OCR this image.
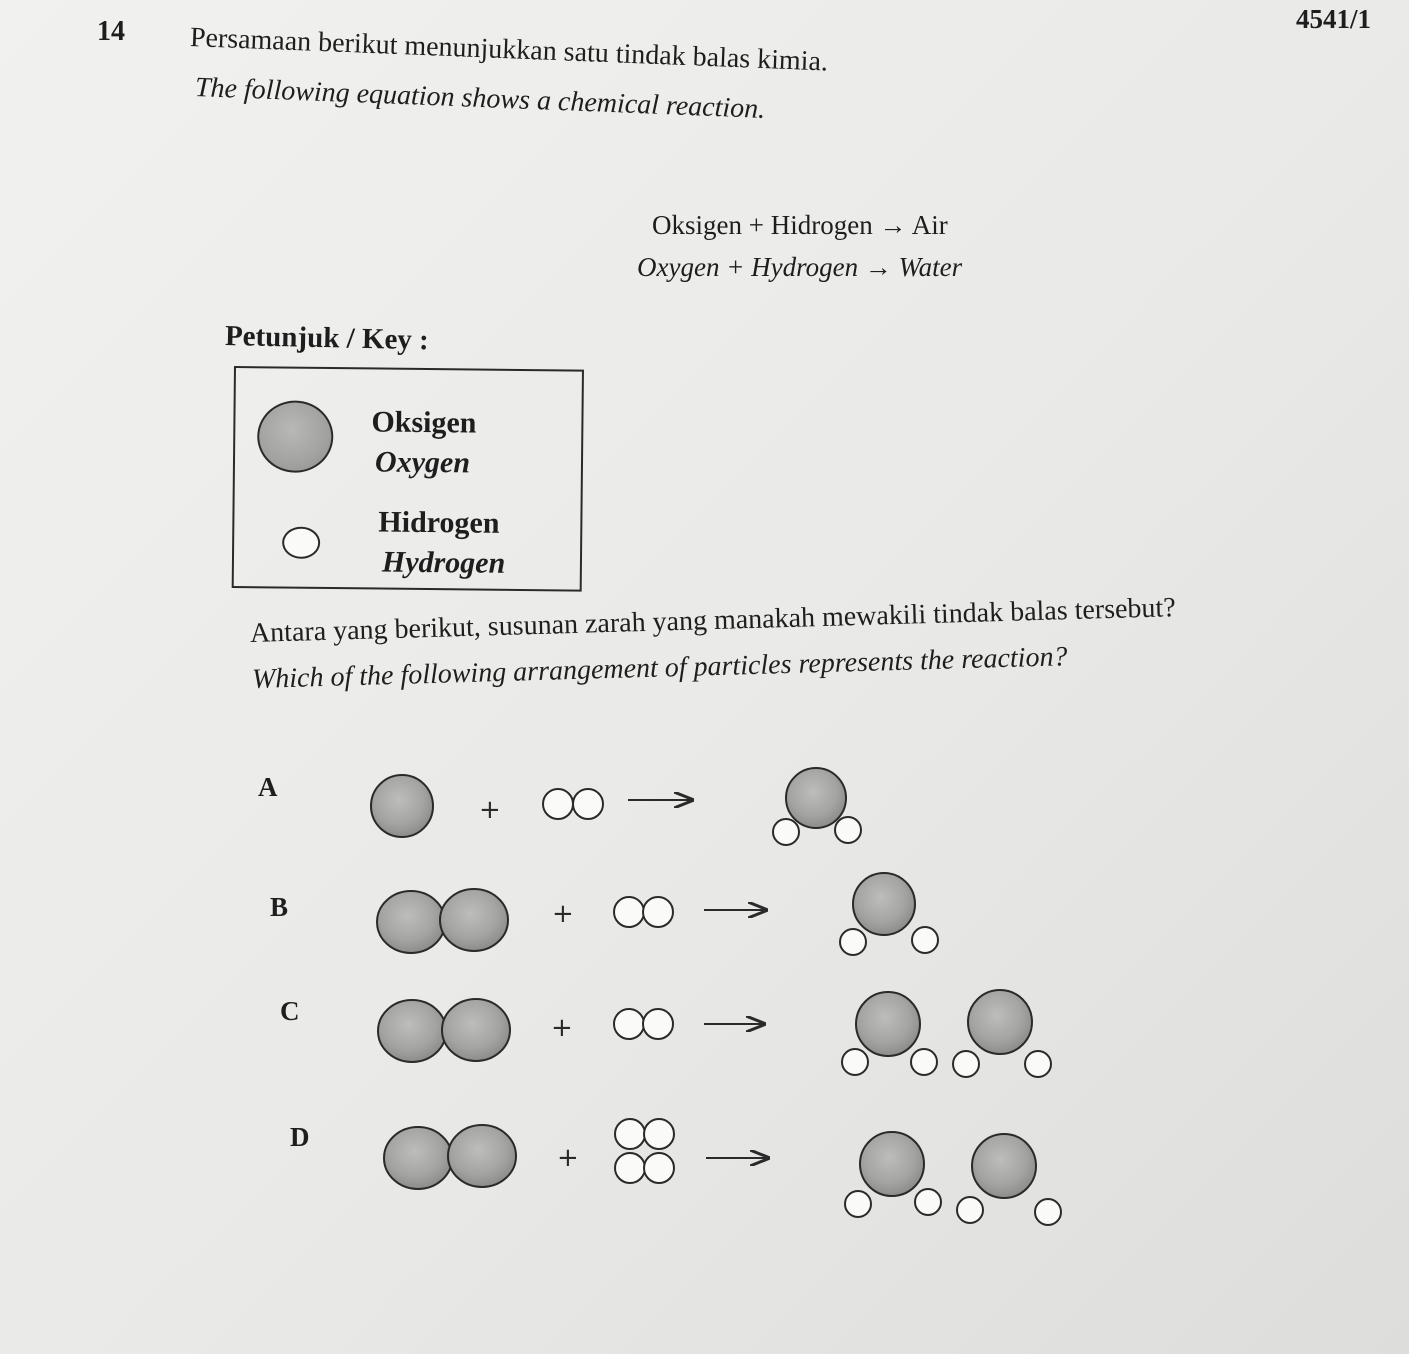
4541/1
14 Persamaan berikut menunjukkan satu tindak balas kimia.
The following equation shows a chemical reaction.
Oksigen + Hidrogen → Air
Oxygen + Hydrogen → Water
Petunjuk / Key :
Oksigen
Oxygen
Hidrogen
Hydrogen
Antara yang berikut, susunan zarah yang manakah mewakili tindak balas tersebut?
Which of the following arrangement of particles represents the reaction?
A
B
C
D
+
+
+
+
